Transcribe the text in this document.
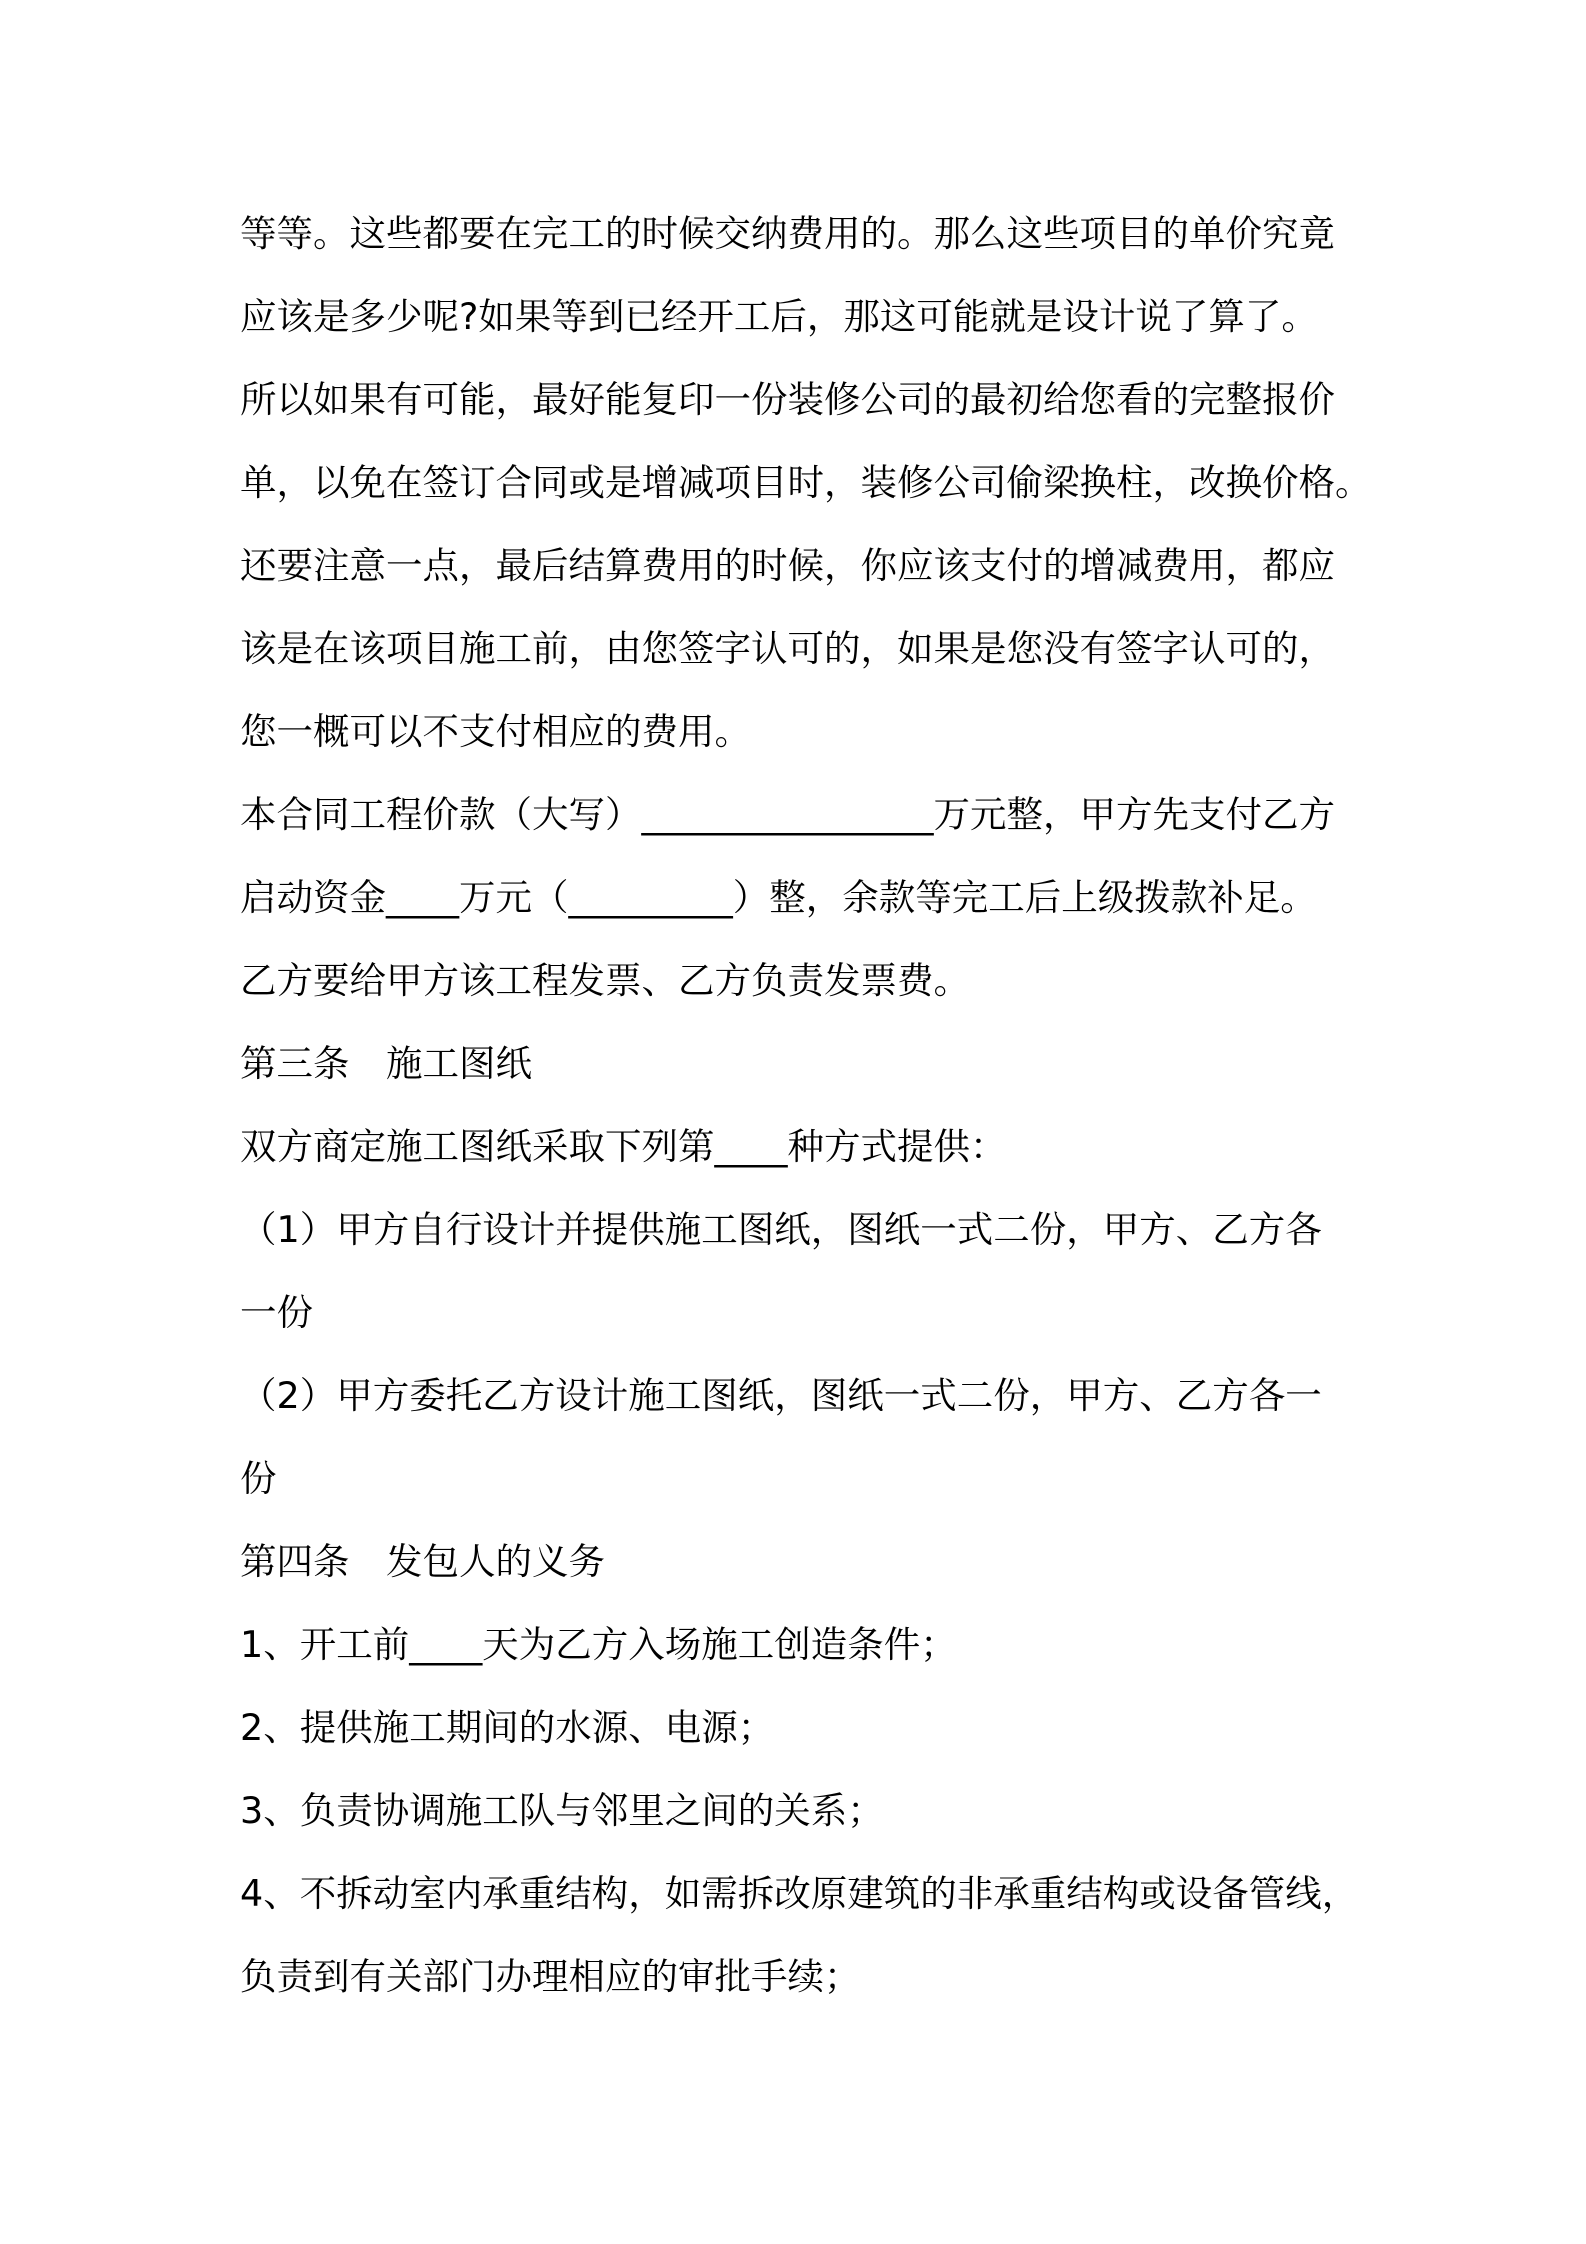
等等。这些都要在完工的时候交纳费用的。那么这些项目的单价究竟
应该是多少呢?如果等到已经开工后，那这可能就是设计说了算了。
所以如果有可能，最好能复印一份装修公司的最初给您看的完整报价
单，以免在签订合同或是增减项目时，装修公司偷梁换柱，改换价格。
还要注意一点，最后结算费用的时候，你应该支付的增减费用，都应
该是在该项目施工前，由您签字认可的，如果是您没有签字认可的，
您一概可以不支付相应的费用。
本合同工程价款（大写）________________万元整，甲方先支付乙方
启动资金____万元（_________）整，余款等完工后上级拨款补足。
乙方要给甲方该工程发票、乙方负责发票费。
第三条　施工图纸
双方商定施工图纸采取下列第____种方式提供：
（1）甲方自行设计并提供施工图纸，图纸一式二份，甲方、乙方各
一份
（2）甲方委托乙方设计施工图纸，图纸一式二份，甲方、乙方各一
份
第四条　发包人的义务
1、开工前____天为乙方入场施工创造条件；
2、提供施工期间的水源、电源；
3、负责协调施工队与邻里之间的关系；
4、不拆动室内承重结构，如需拆改原建筑的非承重结构或设备管线，
负责到有关部门办理相应的审批手续；
